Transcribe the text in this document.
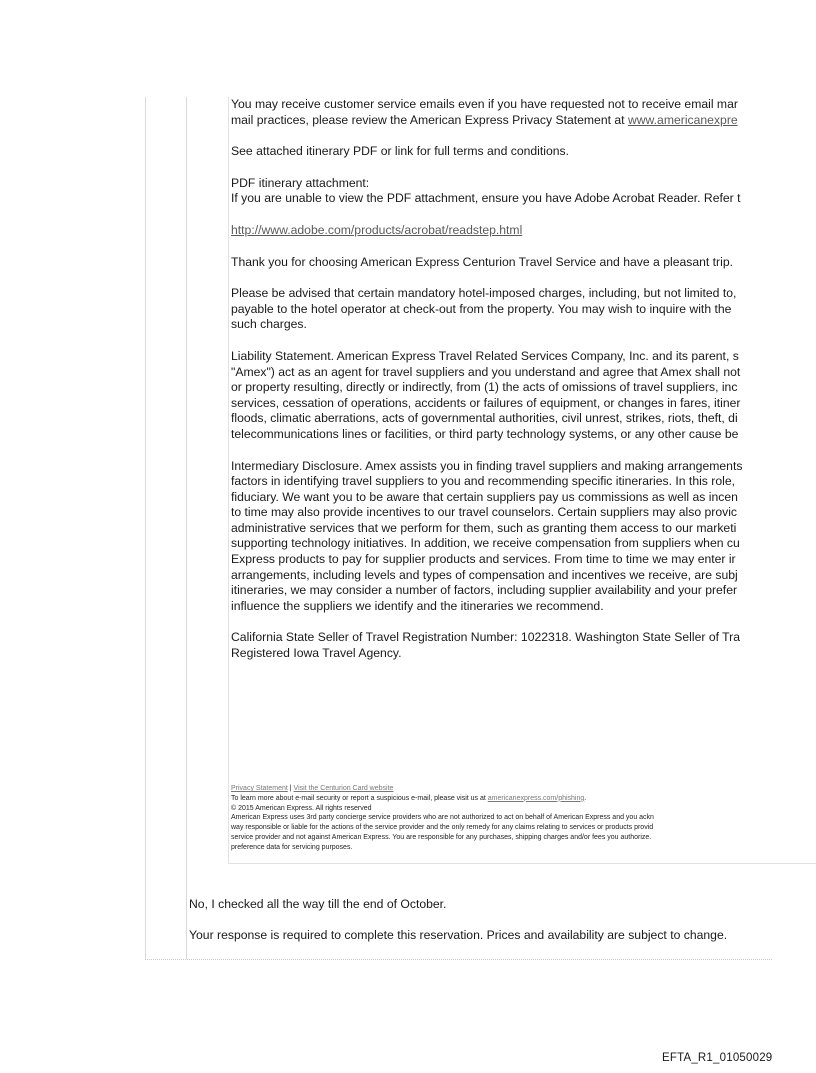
You may receive customer service emails even if you have requested not to receive email mar
mail practices, please review the American Express Privacy Statement at www.americanexpre

See attached itinerary PDF or link for full terms and conditions.

PDF itinerary attachment:
If you are unable to view the PDF attachment, ensure you have Adobe Acrobat Reader. Refer t

http://www.adobe.com/products/acrobat/readstep.html

Thank you for choosing American Express Centurion Travel Service and have a pleasant trip.

Please be advised that certain mandatory hotel-imposed charges, including, but not limited to,
payable to the hotel operator at check-out from the property. You may wish to inquire with the
such charges.

Liability Statement. American Express Travel Related Services Company, Inc. and its parent, s
"Amex") act as an agent for travel suppliers and you understand and agree that Amex shall not
or property resulting, directly or indirectly, from (1) the acts of omissions of travel suppliers, inc
services, cessation of operations, accidents or failures of equipment, or changes in fares, itiner
floods, climatic aberrations, acts of governmental authorities, civil unrest, strikes, riots, theft, di
telecommunications lines or facilities, or third party technology systems, or any other cause be

Intermediary Disclosure. Amex assists you in finding travel suppliers and making arrangements
factors in identifying travel suppliers to you and recommending specific itineraries. In this role,
fiduciary. We want you to be aware that certain suppliers pay us commissions as well as incen
to time may also provide incentives to our travel counselors. Certain suppliers may also provic
administrative services that we perform for them, such as granting them access to our marketi
supporting technology initiatives. In addition, we receive compensation from suppliers when cu
Express products to pay for supplier products and services. From time to time we may enter ir
arrangements, including levels and types of compensation and incentives we receive, are subj
itineraries, we may consider a number of factors, including supplier availability and your prefer
influence the suppliers we identify and the itineraries we recommend.

California State Seller of Travel Registration Number: 1022318. Washington State Seller of Tra
Registered Iowa Travel Agency.

Privacy Statement | Visit the Centurion Card website
To learn more about e-mail security or report a suspicious e-mail, please visit us at americanexpress.com/phishing.
© 2015 American Express. All rights reserved
American Express uses 3rd party concierge service providers who are not authorized to act on behalf of American Express and you ackn
way responsible or liable for the actions of the service provider and the only remedy for any claims relating to services or products provid
service provider and not against American Express. You are responsible for any purchases, shipping charges and/or fees you authorize.
preference data for servicing purposes.
No, I checked all the way till the end of October.
Your response is required to complete this reservation. Prices and availability are subject to change.
EFTA_R1_01050029
